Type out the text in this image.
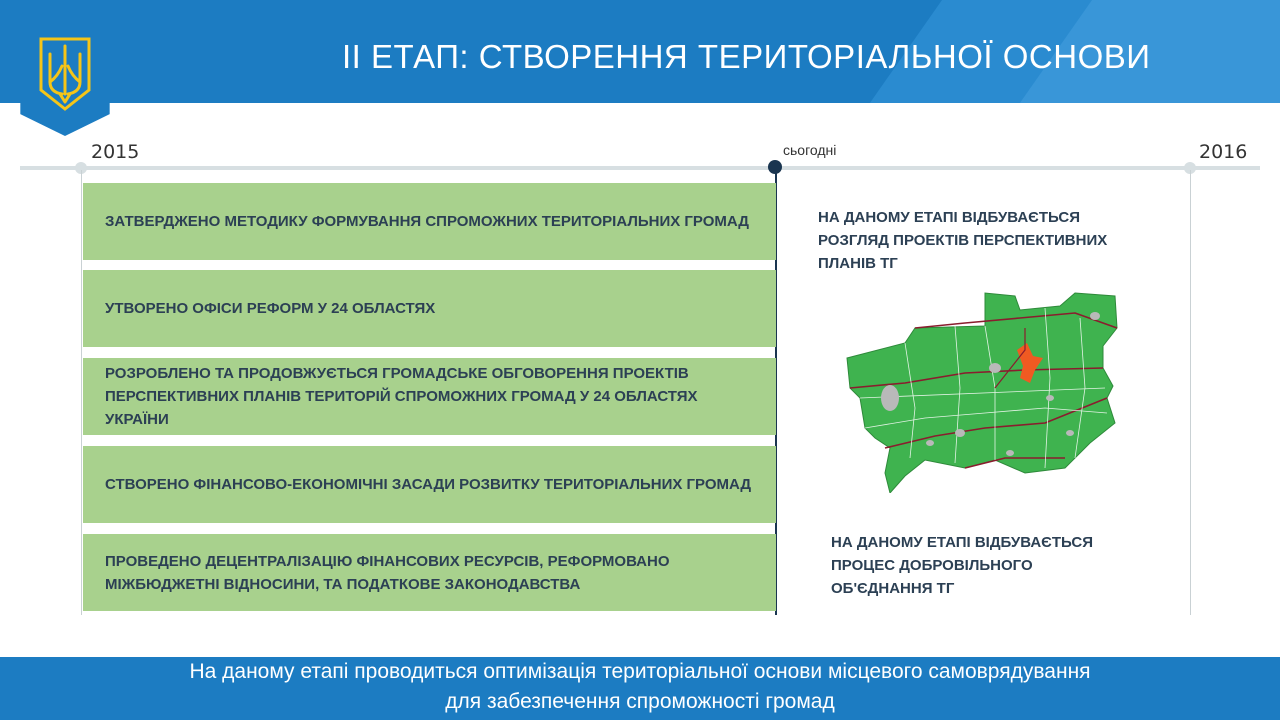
ІІ ЕТАП: СТВОРЕННЯ ТЕРИТОРІАЛЬНОЇ ОСНОВИ
2015	сьогодні	2016
ЗАТВЕРДЖЕНО МЕТОДИКУ ФОРМУВАННЯ СПРОМОЖНИХ ТЕРИТОРІАЛЬНИХ ГРОМАД
УТВОРЕНО ОФІСИ РЕФОРМ У 24 ОБЛАСТЯХ
РОЗРОБЛЕНО ТА ПРОДОВЖУЄТЬСЯ ГРОМАДСЬКЕ ОБГОВОРЕННЯ ПРОЕКТІВ ПЕРСПЕКТИВНИХ ПЛАНІВ ТЕРИТОРІЙ СПРОМОЖНИХ ГРОМАД У 24 ОБЛАСТЯХ УКРАЇНИ
СТВОРЕНО ФІНАНСОВО-ЕКОНОМІЧНІ ЗАСАДИ РОЗВИТКУ ТЕРИТОРІАЛЬНИХ ГРОМАД
ПРОВЕДЕНО ДЕЦЕНТРАЛІЗАЦІЮ ФІНАНСОВИХ РЕСУРСІВ, РЕФОРМОВАНО МІЖБЮДЖЕТНІ ВІДНОСИНИ, ТА ПОДАТКОВЕ ЗАКОНОДАВСТВА
НА ДАНОМУ ЕТАПІ ВІДБУВАЄТЬСЯ РОЗГЛЯД ПРОЕКТІВ ПЕРСПЕКТИВНИХ ПЛАНІВ ТГ
НА ДАНОМУ ЕТАПІ ВІДБУВАЄТЬСЯ ПРОЦЕС ДОБРОВІЛЬНОГО ОБ'ЄДНАННЯ ТГ
На даному етапі проводиться оптимізація територіальної основи місцевого самоврядування
для забезпечення спроможності громад
